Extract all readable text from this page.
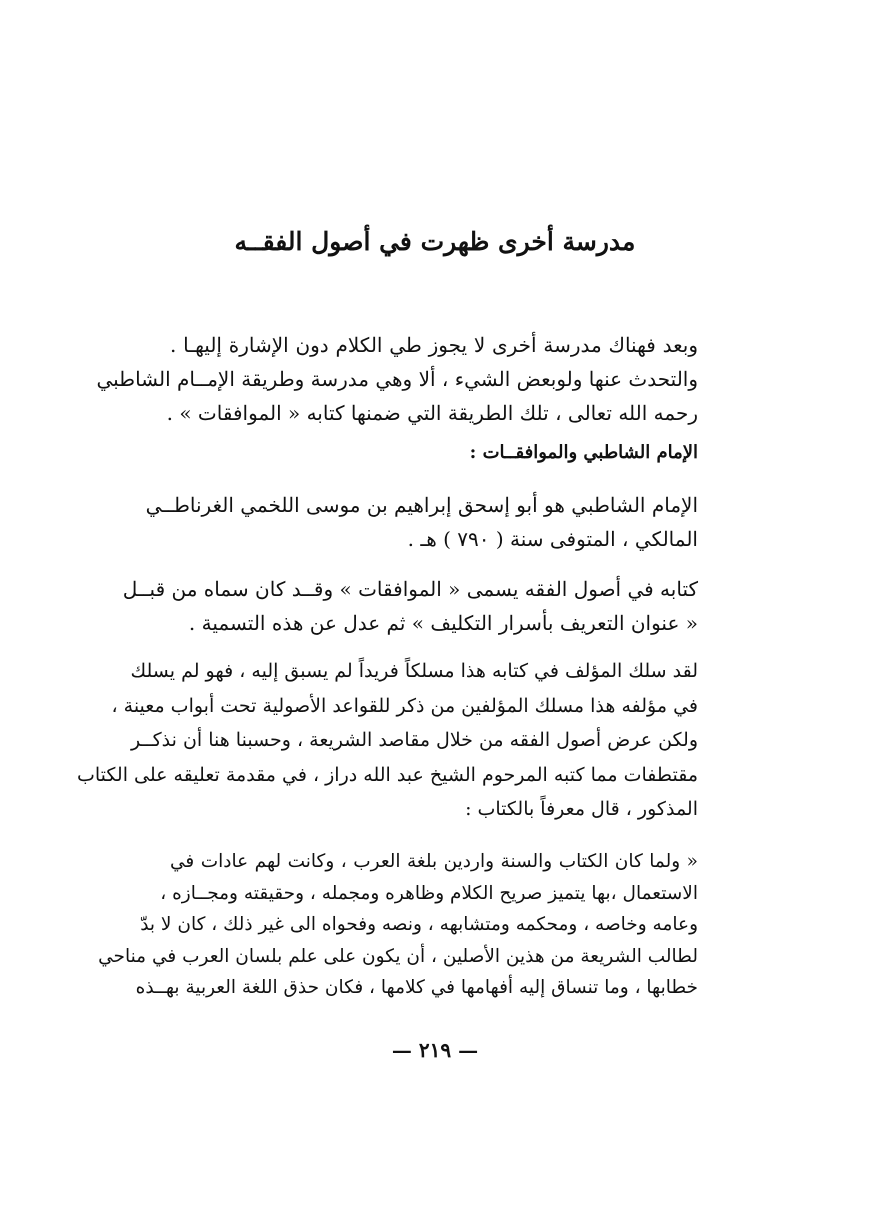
مدرسة أخرى ظهرت في أصول الفقــه
وبعد فهناك مدرسة أخرى لا يجوز طي الكلام دون الإشارة إليهـا .
والتحدث عنها ولوبعض الشيء ، ألا وهي مدرسة وطريقة الإمــام الشاطبي
رحمه الله تعالى ، تلك الطريقة التي ضمنها كتابه « الموافقات » .
الإمام الشاطبي والموافقــات :
الإمام الشاطبي هو أبو إسحق إبراهيم بن موسى اللخمي الغرناطــي
المالكي ، المتوفى سنة ( ٧٩٠ ) هـ .
كتابه في أصول الفقه يسمى « الموافقات » وقــد كان سماه من قبــل
« عنوان التعريف بأسرار التكليف » ثم عدل عن هذه التسمية .
لقد سلك المؤلف في كتابه هذا مسلكاً فريداً لم يسبق إليه ، فهو لم يسلك
في مؤلفه هذا مسلك المؤلفين من ذكر للقواعد الأصولية تحت أبواب معينة ،
ولكن عرض أصول الفقه من خلال مقاصد الشريعة ، وحسبنا هنا أن نذكــر
مقتطفات مما كتبه المرحوم الشيخ عبد الله دراز ، في مقدمة تعليقه على الكتاب
المذكور ، قال معرفاً بالكتاب :
« ولما كان الكتاب والسنة واردين بلغة العرب ، وكانت لهم عادات في
الاستعمال ،بها يتميز صريح الكلام وظاهره ومجمله ، وحقيقته ومجــازه ،
وعامه وخاصه ، ومحكمه ومتشابهه ، ونصه وفحواه الى غير ذلك ، كان لا بدّ
لطالب الشريعة من هذين الأصلين ، أن يكون على علم بلسان العرب في مناحي
خطابها ، وما تنساق إليه أفهامها في كلامها ، فكان حذق اللغة العربية بهــذه
— ٢١٩ —
